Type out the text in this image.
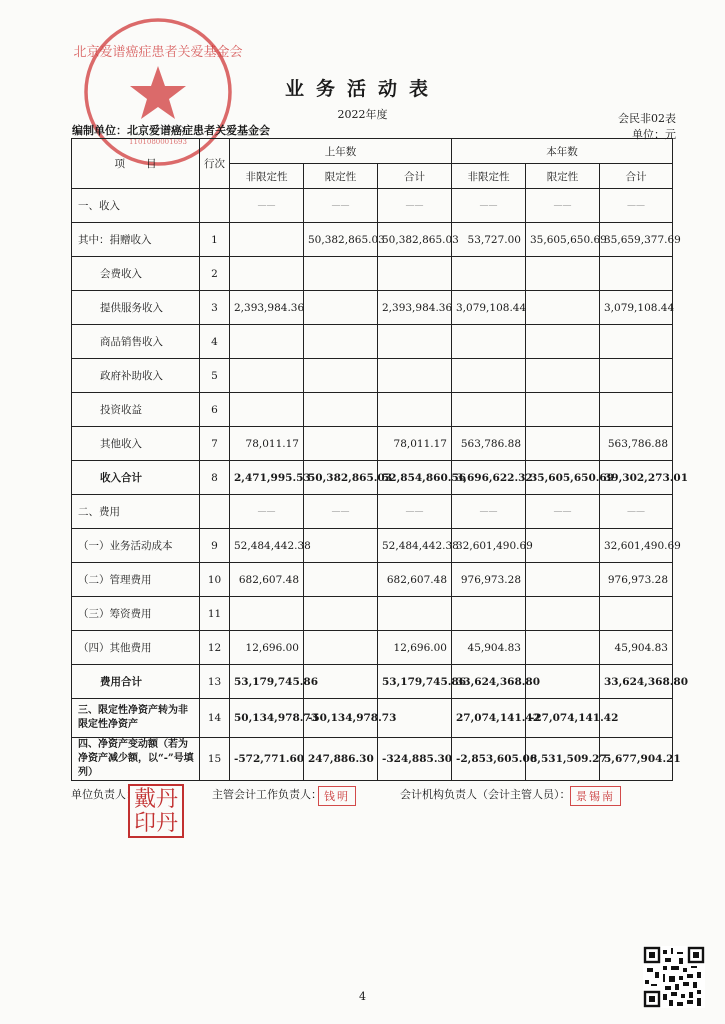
北京爱谱癌症患者关爱基金会
1101080001693
业务活动表
2022年度	会民非02表
单位：元
编制单位：北京爱谱癌症患者关爱基金会
项　　目	行次	上年数			本年数		
		非限定性	限定性	合计	非限定性	限定性	合计
一、收入		——	——	——	——	——	——
其中：捐赠收入	1		50,382,865.03	50,382,865.03	53,727.00	35,605,650.69	35,659,377.69
会费收入	2						
提供服务收入	3	2,393,984.36		2,393,984.36	3,079,108.44		3,079,108.44
商品销售收入	4						
政府补助收入	5						
投资收益	6						
其他收入	7	78,011.17		78,011.17	563,786.88		563,786.88
收入合计	8	2,471,995.53	50,382,865.03	52,854,860.56	3,696,622.32	35,605,650.69	39,302,273.01
二、费用		——	——	——	——	——	——
（一）业务活动成本	9	52,484,442.38		52,484,442.38	32,601,490.69		32,601,490.69
（二）管理费用	10	682,607.48		682,607.48	976,973.28		976,973.28
（三）筹资费用	11						
（四）其他费用	12	12,696.00		12,696.00	45,904.83		45,904.83
费用合计	13	53,179,745.86		53,179,745.86	33,624,368.80		33,624,368.80
三、限定性净资产转为非限定性净资产	14	50,134,978.73	-50,134,978.73		27,074,141.42	-27,074,141.42	
四、净资产变动额（若为净资产减少额，以“-”号填列）	15	-572,771.60	247,886.30	-324,885.30	-2,853,605.06	8,531,509.27	5,677,904.21
单位负责人：
戴丹
印丹
主管会计工作负责人： 钱明	会计机构负责人（会计主管人员）： 景锡南
4
